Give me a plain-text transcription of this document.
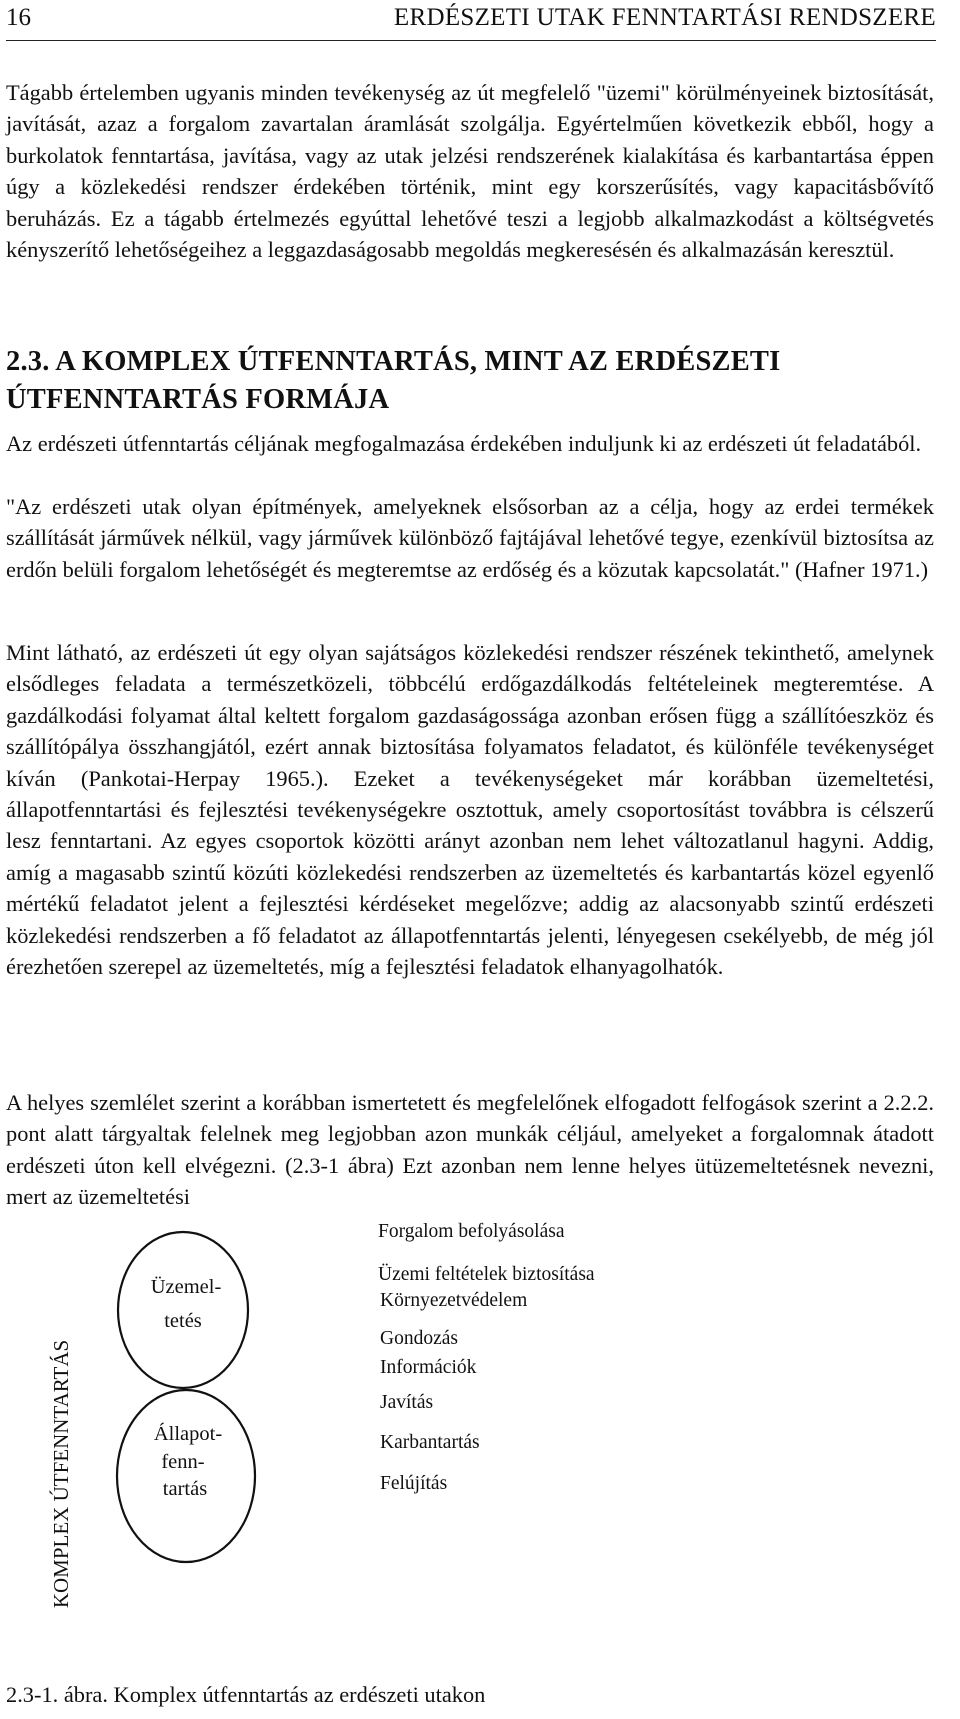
16	ERDÉSZETI UTAK FENNTARTÁSI RENDSZERE

Tágabb értelemben ugyanis minden tevékenység az út megfelelő "üzemi" körülményeinek biztosítását, javítását, azaz a forgalom zavartalan áramlását szolgálja. Egyértelműen következik ebből, hogy a burkolatok fenntartása, javítása, vagy az utak jelzési rendszerének kialakítása és karbantartása éppen úgy a közlekedési rendszer érdekében történik, mint egy korszerűsítés, vagy kapacitásbővítő beruházás. Ez a tágabb értelmezés egyúttal lehetővé teszi a legjobb alkalmazkodást a költségvetés kényszerítő lehetőségeihez a leggazdaságosabb megoldás megkeresésén és alkalmazásán keresztül.

2.3. A KOMPLEX ÚTFENNTARTÁS, MINT AZ ERDÉSZETI ÚTFENNTARTÁS FORMÁJA

Az erdészeti útfenntartás céljának megfogalmazása érdekében induljunk ki az erdészeti út feladatából.

"Az erdészeti utak olyan építmények, amelyeknek elsősorban az a célja, hogy az erdei termékek szállítását járművek nélkül, vagy járművek különböző fajtájával lehetővé tegye, ezenkívül biztosítsa az erdőn belüli forgalom lehetőségét és megteremtse az erdőség és a közutak kapcsolatát." (Hafner 1971.)

Mint látható, az erdészeti út egy olyan sajátságos közlekedési rendszer részének tekinthető, amelynek elsődleges feladata a természetközeli, többcélú erdőgazdálkodás feltételeinek megteremtése. A gazdálkodási folyamat által keltett forgalom gazdaságossága azonban erősen függ a szállítóeszköz és szállítópálya összhangjától, ezért annak biztosítása folyamatos feladatot, és különféle tevékenységet kíván (Pankotai-Herpay 1965.). Ezeket a tevékenységeket már korábban üzemeltetési, állapotfenntartási és fejlesztési tevékenységekre osztottuk, amely csoportosítást továbbra is célszerű lesz fenntartani. Az egyes csoportok közötti arányt azonban nem lehet változatlanul hagyni. Addig, amíg a magasabb szintű közúti közlekedési rendszerben az üzemeltetés és karbantartás közel egyenlő mértékű feladatot jelent a fejlesztési kérdéseket megelőzve; addig az alacsonyabb szintű erdészeti közlekedési rendszerben a fő feladatot az állapotfenntartás jelenti, lényegesen csekélyebb, de még jól érezhetően szerepel az üzemeltetés, míg a fejlesztési feladatok elhanyagolhatók.

A helyes szemlélet szerint a korábban ismertetett és megfelelőnek elfogadott felfogások szerint a 2.2.2. pont alatt tárgyaltak felelnek meg legjobban azon munkák céljául, amelyeket a forgalomnak átadott erdészeti úton kell elvégezni. (2.3-1 ábra) Ezt azonban nem lenne helyes ütüzemeltetésnek nevezni, mert az üzemeltetési

KOMPLEX ÚTFENNTARTÁS
Üzemel-
tetés
Állapot-
fenn-
tartás
Forgalom befolyásolása
Üzemi feltételek biztosítása
Környezetvédelem
Gondozás
Információk
Javítás
Karbantartás
Felújítás
2.3-1. ábra. Komplex útfenntartás az erdészeti utakon
